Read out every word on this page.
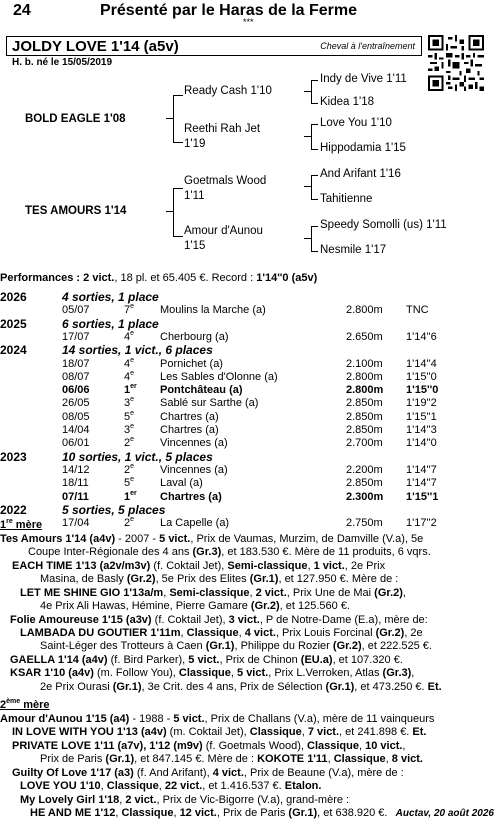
24	Présenté par le Haras de la Ferme
***
JOLDY LOVE 1'14 (a5v)	Cheval à l'entraînement
H. b. né le 15/05/2019
BOLD EAGLE 1'08
TES AMOURS 1'14
Ready Cash 1'10
Reethi Rah Jet
1'19
Goetmals Wood
1'11
Amour d'Aunou
1'15
Indy de Vive 1'11
Kidea 1'18
Love You 1'10
Hippodamia 1'15
And Arifant 1'16
Tahitienne
Speedy Somolli (us) 1'11
Nesmile 1'17
Performances : 2 vict., 18 pl. et 65.405 €. Record : 1'14''0 (a5v)
2026	4 sorties, 1 place
05/07	7e Moulins la Marche (a)	2.800m TNC
2025	6 sorties, 1 place
17/07	4e Cherbourg (a)	2.650m 1'14''6
2024	14 sorties, 1 vict., 6 places
18/07	4e Pornichet (a)	2.100m 1'14''4
08/07	4e Les Sables d'Olonne (a)	2.800m 1'15''0
06/06	1er Pontchâteau (a)	2.800m 1'15''0
26/05	3e Sablé sur Sarthe (a)	2.850m 1'19''2
08/05	5e Chartres (a)	2.850m 1'15''1
14/04	3e Chartres (a)	2.850m 1'14''3
06/01	2e Vincennes (a)	2.700m 1'14''0
2023	10 sorties, 1 vict., 5 places
14/12	2e Vincennes (a)	2.200m 1'14''7
18/11	5e Laval (a)	2.850m 1'14''7
07/11	1er Chartres (a)	2.300m 1'15''1
2022	5 sorties, 5 places
17/04	2e La Capelle (a)	2.750m 1'17''2
1re mère
Tes Amours 1'14 (a4v) - 2007 - 5 vict., Prix de Vaumas, Murzim, de Damville (V.a), 5e
Coupe Inter-Régionale des 4 ans (Gr.3), et 183.530 €. Mère de 11 produits, 6 vqrs.
EACH TIME 1'13 (a2v/m3v) (f. Coktail Jet), Semi-classique, 1 vict., 2e Prix
Masina, de Basly (Gr.2), 5e Prix des Elites (Gr.1), et 127.950 €. Mère de :
LET ME SHINE GIO 1'13a/m, Semi-classique, 2 vict., Prix Une de Mai (Gr.2),
4e Prix Ali Hawas, Hémine, Pierre Gamare (Gr.2), et 125.560 €.
Folie Amoureuse 1'15 (a3v) (f. Coktail Jet), 3 vict., P de Notre-Dame (E.a), mère de:
LAMBADA DU GOUTIER 1'11m, Classique, 4 vict., Prix Louis Forcinal (Gr.2), 2e
Saint-Léger des Trotteurs à Caen (Gr.1), Philippe du Rozier (Gr.2), et 222.525 €.
GAELLA 1'14 (a4v) (f. Bird Parker), 5 vict., Prix de Chinon (EU.a), et 107.320 €.
KSAR 1'10 (a4v) (m. Follow You), Classique, 5 vict., Prix L.Verroken, Atlas (Gr.3),
2e Prix Ourasi (Gr.1), 3e Crit. des 4 ans, Prix de Sélection (Gr.1), et 473.250 €. Et.
2ème mère
Amour d'Aunou 1'15 (a4) - 1988 - 5 vict., Prix de Challans (V.a), mère de 11 vainqueurs
IN LOVE WITH YOU 1'13 (a4v) (m. Coktail Jet), Classique, 7 vict., et 241.898 €. Et.
PRIVATE LOVE 1'11 (a7v), 1'12 (m9v) (f. Goetmals Wood), Classique, 10 vict.,
Prix de Paris (Gr.1), et 847.145 €. Mère de : KOKOTE 1'11, Classique, 8 vict.
Guilty Of Love 1'17 (a3) (f. And Arifant), 4 vict., Prix de Beaune (V.a), mère de :
LOVE YOU 1'10, Classique, 22 vict., et 1.416.537 €. Etalon.
My Lovely Girl 1'18, 2 vict., Prix de Vic-Bigorre (V.a), grand-mère :
HE AND ME 1'12, Classique, 12 vict., Prix de Paris (Gr.1), et 638.920 €. Auctav, 20 août 2026
